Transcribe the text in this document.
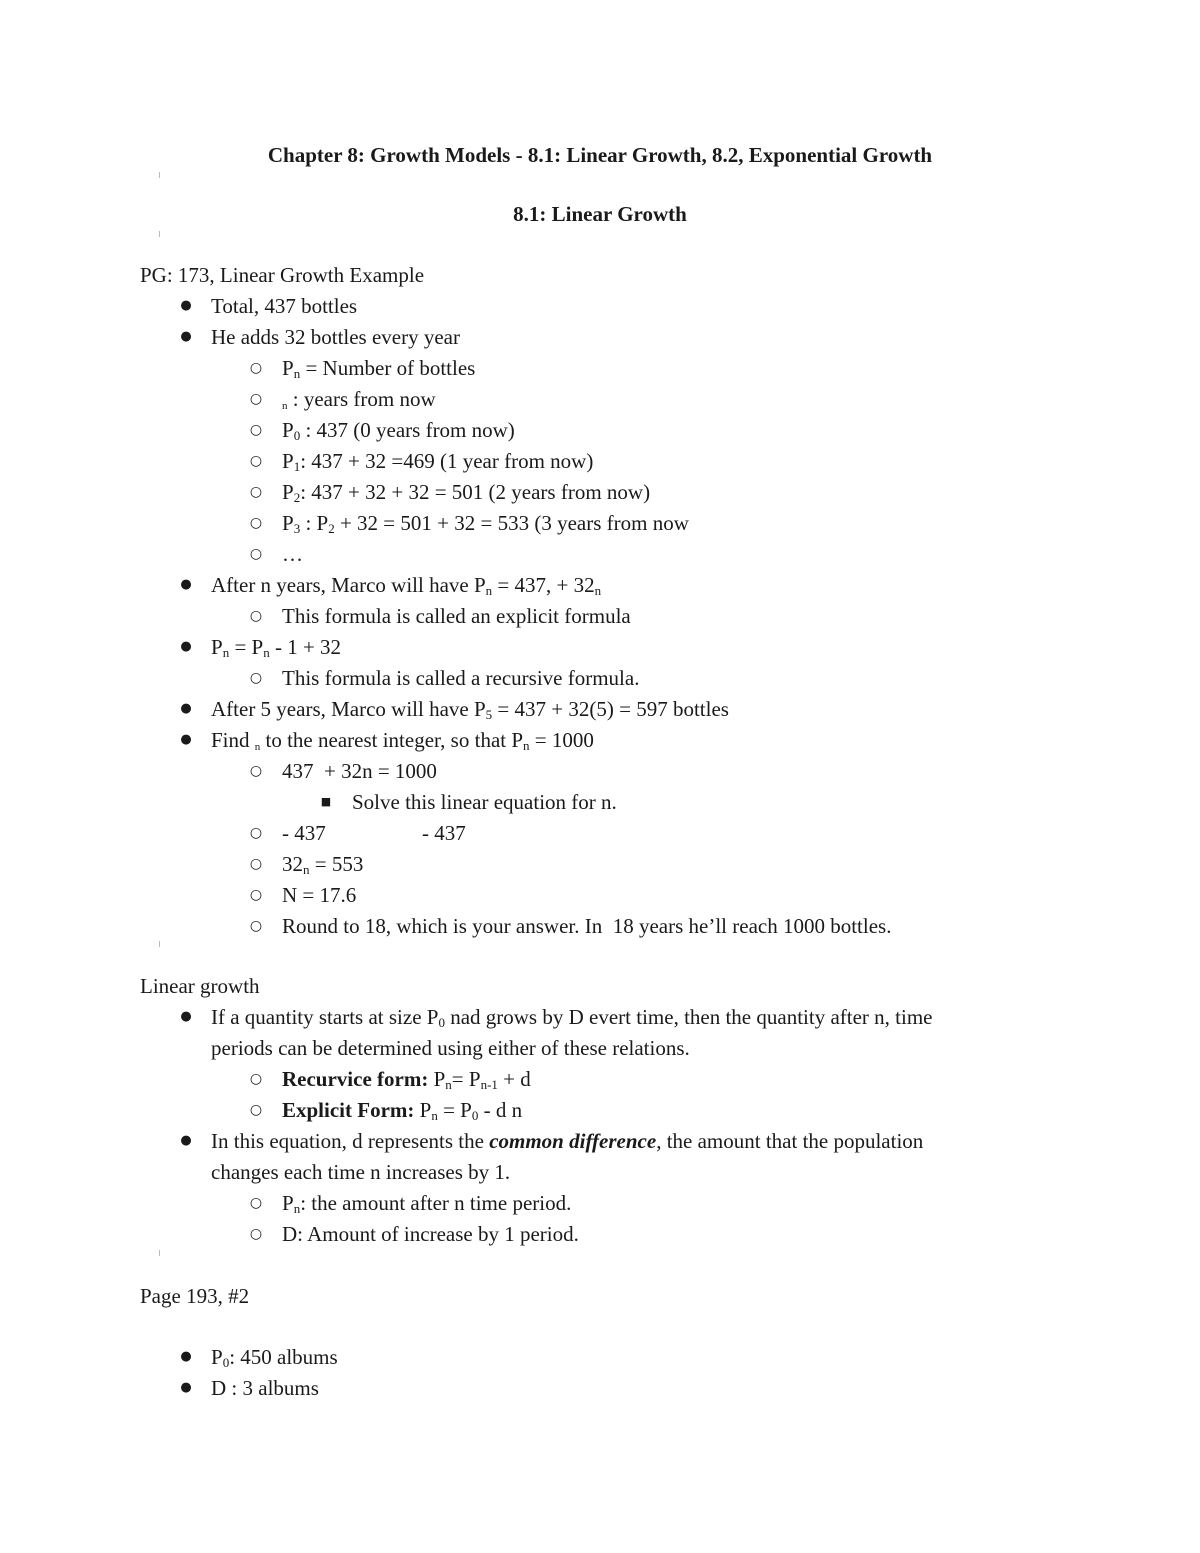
Chapter 8: Growth Models - 8.1: Linear Growth, 8.2, Exponential Growth
8.1: Linear Growth
PG: 173, Linear Growth Example
● Total, 437 bottles
● He adds 32 bottles every year
○ $P_n$ = Number of bottles
○	$_n$ : years from now
○ $P_0$ : 437 (0 years from now)
○ $P_1$: 437 + 32 =469 (1 year from now)
○ $P_2$: 437 + 32 + 32 = 501 (2 years from now)
○ $P_3$ : $P_2 + 32 = 501 + 32 = 533$ (3 years from now
○ …
● After n years, Marco will have $P_n = 437$, + $32_n$
○ This formula is called an explicit formula
● $P_n = P_n - 1 + 32$
○ This formula is called a recursive formula.
● After 5 years, Marco will have $P_5 = 437 + 32(5) = 597$ bottles
● Find $_n$ to the nearest integer, so that $P_n = 1000$
○ 437  + 32n = 1000
■ Solve this linear equation for n.
○ - 437	- 437
○ $32_n = 553$
○ N = 17.6
○ Round to 18, which is your answer. In  18 years he’ll reach 1000 bottles.
Linear growth
● If a quantity starts at size $P_0$ nad grows by D evert time, then the quantity after n, time
periods can be determined using either of these relations.
○ Recurvice form: $P_n= P_{n-1} + d$
○ Explicit Form: $P_n = P_0 - d$ n
● In this equation, d represents the common difference, the amount that the population
changes each time n increases by 1.
○ $P_n$: the amount after n time period.
○ D: Amount of increase by 1 period.
Page 193, #2
● $P_0$: 450 albums
● D : 3 albums
